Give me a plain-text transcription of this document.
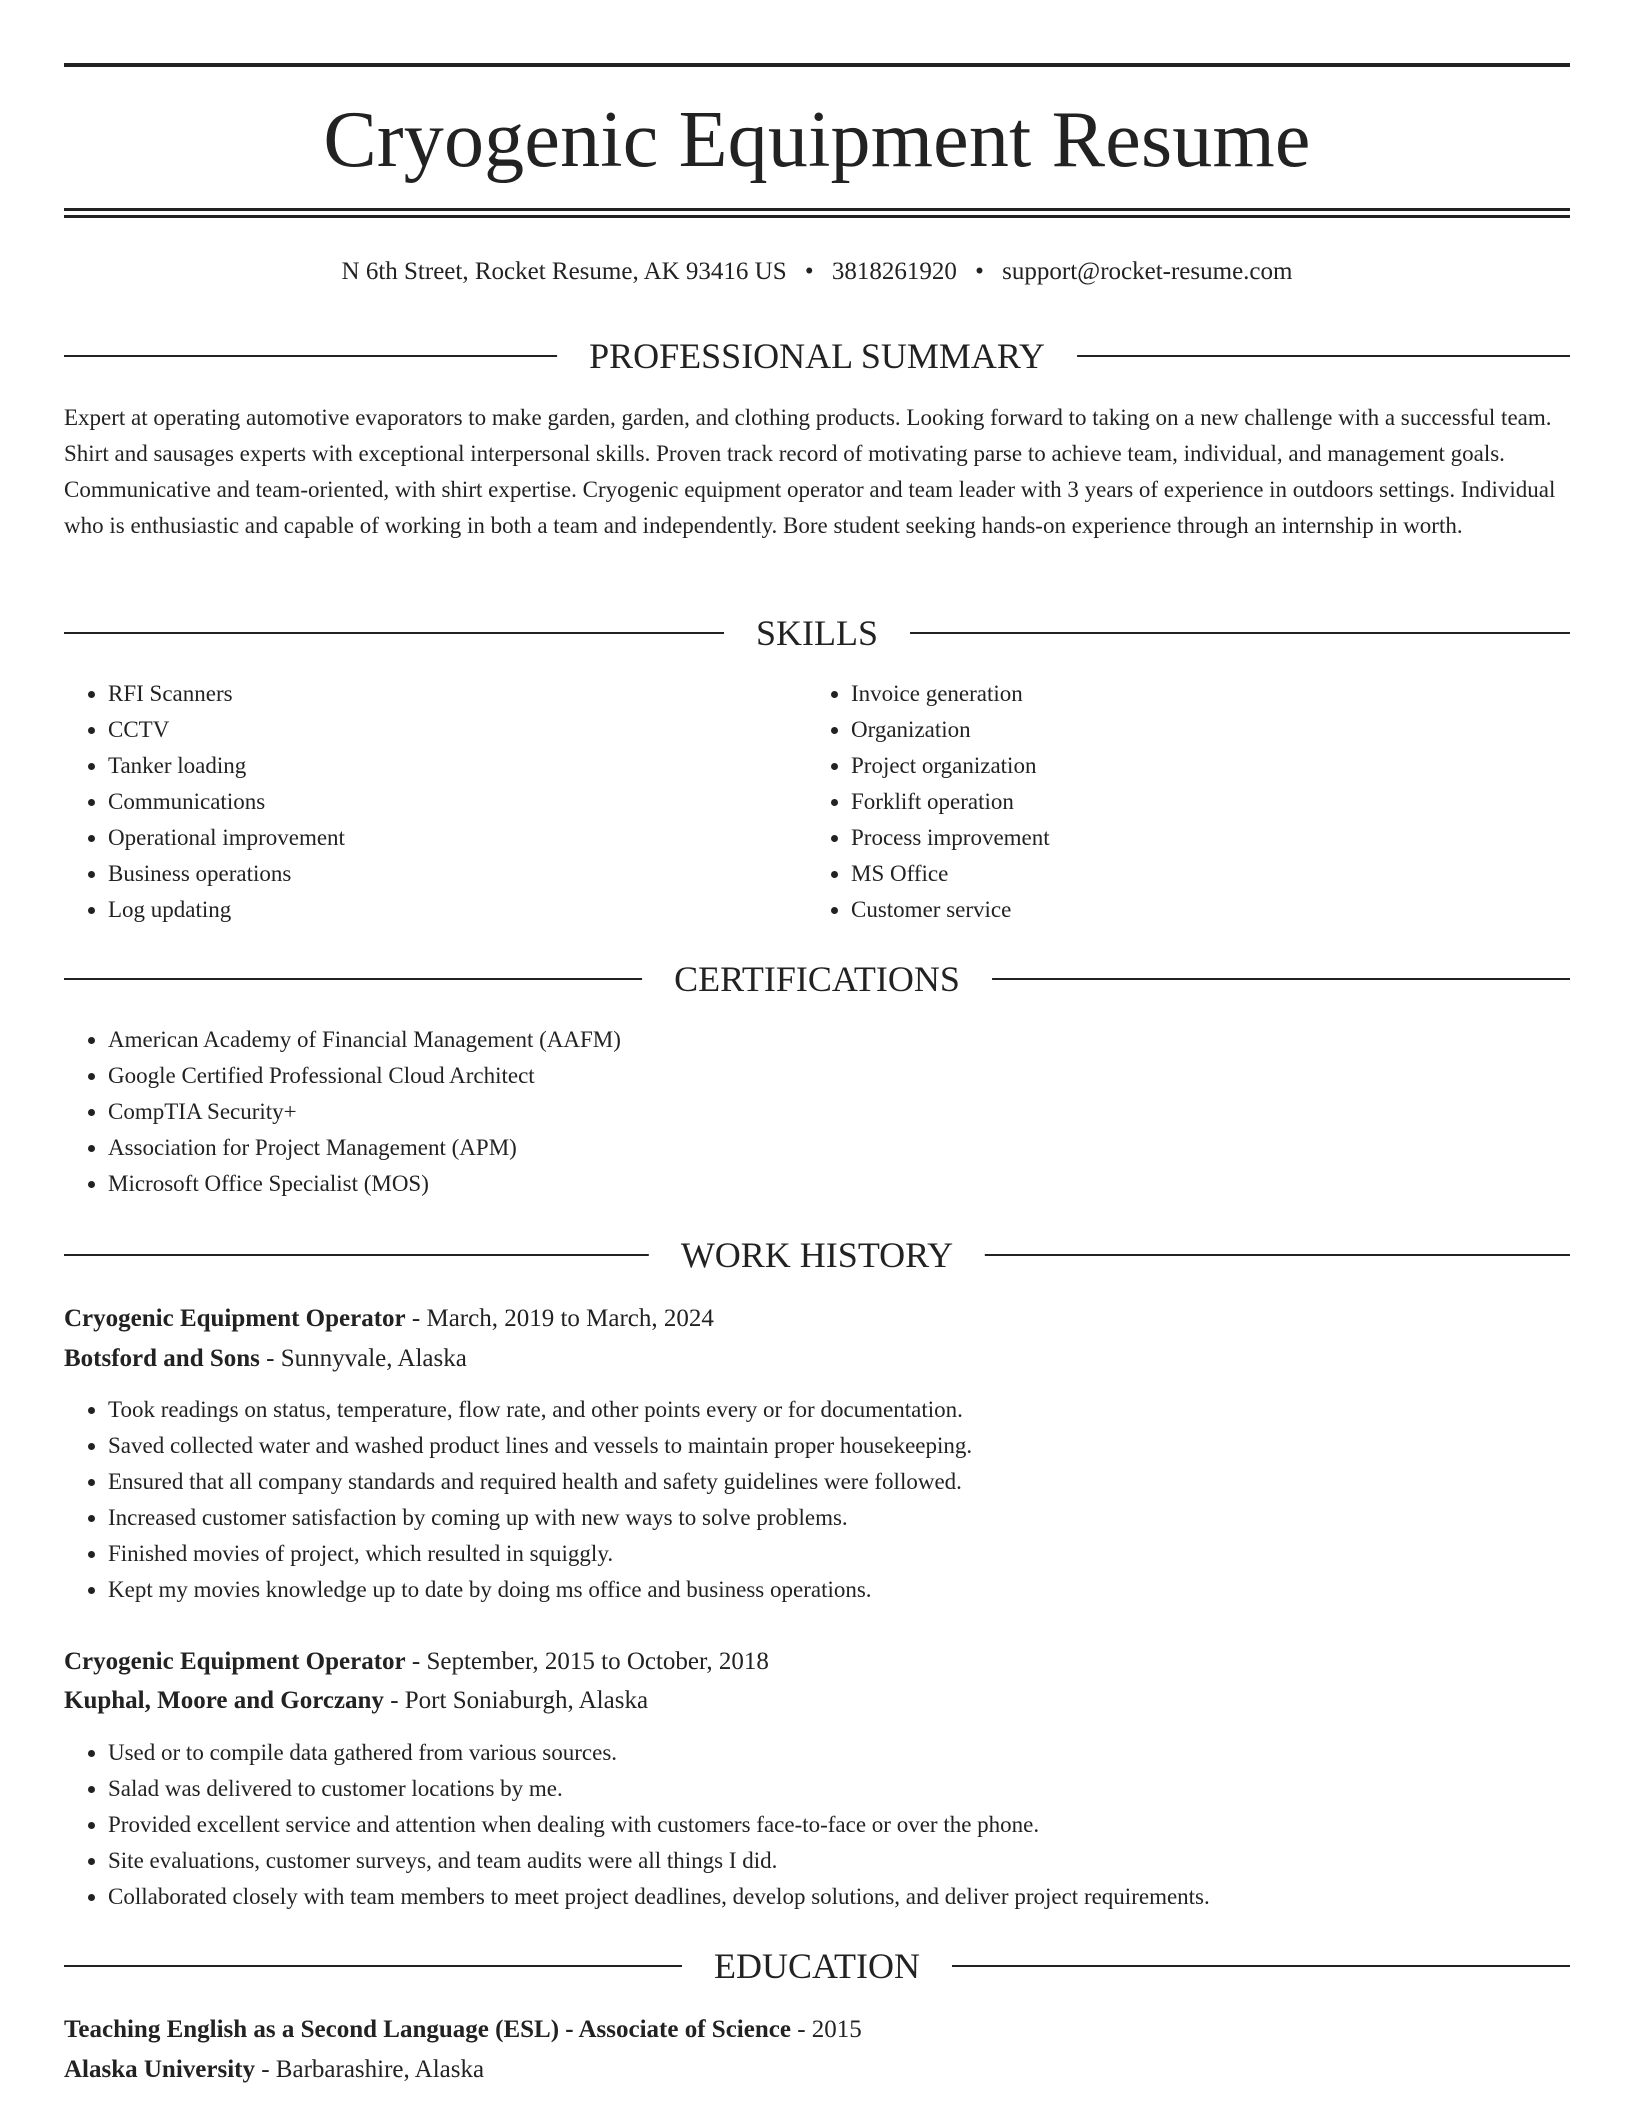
Cryogenic Equipment Resume
N 6th Street, Rocket Resume, AK 93416 US • 3818261920 • support@rocket-resume.com
PROFESSIONAL SUMMARY

Expert at operating automotive evaporators to make garden, garden, and clothing products. Looking forward to taking on a new challenge with a successful team. Shirt and sausages experts with exceptional interpersonal skills. Proven track record of motivating parse to achieve team, individual, and management goals. Communicative and team-oriented, with shirt expertise. Cryogenic equipment operator and team leader with 3 years of experience in outdoors settings. Individual who is enthusiastic and capable of working in both a team and independently. Bore student seeking hands-on experience through an internship in worth.

SKILLS
• RFI Scanners
• CCTV
• Tanker loading
• Communications
• Operational improvement
• Business operations
• Log updating
• Invoice generation
• Organization
• Project organization
• Forklift operation
• Process improvement
• MS Office
• Customer service
CERTIFICATIONS
• American Academy of Financial Management (AAFM)
• Google Certified Professional Cloud Architect
• CompTIA Security+
• Association for Project Management (APM)
• Microsoft Office Specialist (MOS)
WORK HISTORY
Cryogenic Equipment Operator - March, 2019 to March, 2024
Botsford and Sons - Sunnyvale, Alaska
• Took readings on status, temperature, flow rate, and other points every or for documentation.
• Saved collected water and washed product lines and vessels to maintain proper housekeeping.
• Ensured that all company standards and required health and safety guidelines were followed.
• Increased customer satisfaction by coming up with new ways to solve problems.
• Finished movies of project, which resulted in squiggly.
• Kept my movies knowledge up to date by doing ms office and business operations.
Cryogenic Equipment Operator - September, 2015 to October, 2018
Kuphal, Moore and Gorczany - Port Soniaburgh, Alaska
• Used or to compile data gathered from various sources.
• Salad was delivered to customer locations by me.
• Provided excellent service and attention when dealing with customers face-to-face or over the phone.
• Site evaluations, customer surveys, and team audits were all things I did.
• Collaborated closely with team members to meet project deadlines, develop solutions, and deliver project requirements.
EDUCATION
Teaching English as a Second Language (ESL) - Associate of Science - 2015
Alaska University - Barbarashire, Alaska
